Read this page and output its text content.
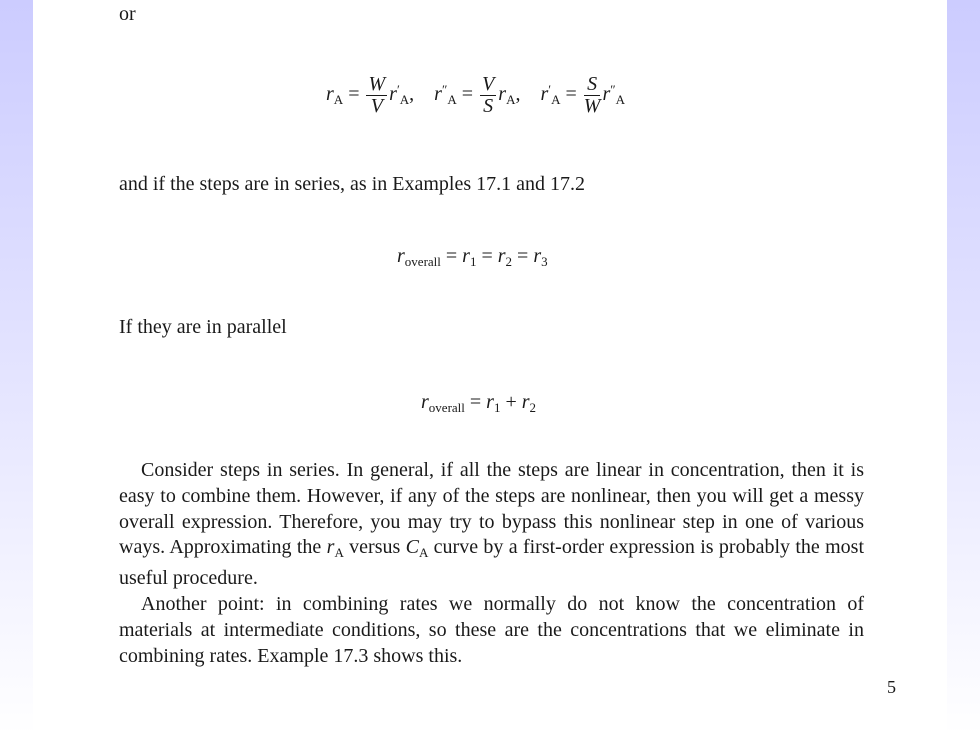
or
$r_A = \frac{W}{V} r'_A$, $r''_A = \frac{V}{S} r_A$, $r'_A = \frac{S}{W} r''_A$
and if the steps are in series, as in Examples 17.1 and 17.2
$r_{overall} = r_1 = r_2 = r_3$
If they are in parallel
$r_{overall} = r_1 + r_2$

Consider steps in series. In general, if all the steps are linear in concentration, then it is easy to combine them. However, if any of the steps are nonlinear, then you will get a messy overall expression. Therefore, you may try to bypass this nonlinear step in one of various ways. Approximating the $r_A$ versus $C_A$ curve by a first-order expression is probably the most useful procedure.

Another point: in combining rates we normally do not know the concentration of materials at intermediate conditions, so these are the concentrations that we eliminate in combining rates. Example 17.3 shows this.

5
